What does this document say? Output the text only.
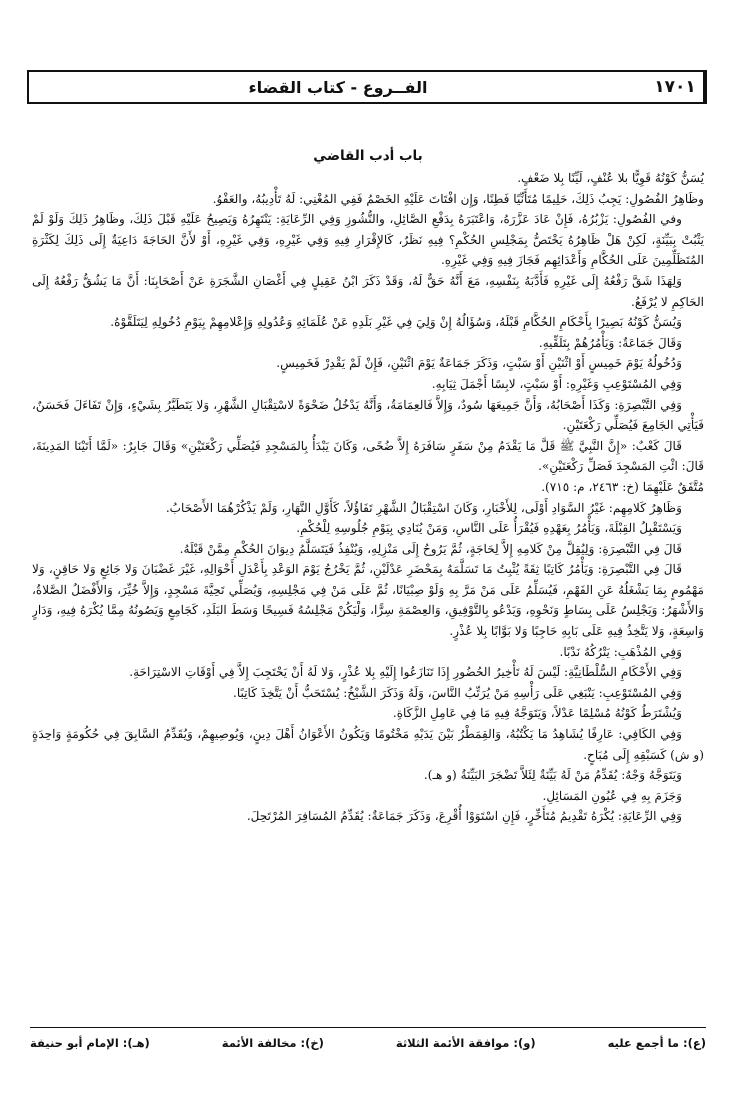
الفــروع - كتاب القضاء	١٧٠١
باب أدب القاضي

يُسَنُّ كَوْنُهُ قَوِيًّا بلا عُنْفٍ، لَيِّنًا بِلا ضَعْفٍ.

وظَاهِرُ الفُصُولِ: يَجِبُ ذَلِكَ، حَلِيمًا مُتَأَنِّيًا فَطِنًا، وَإِن افْتَاتَ عَلَيْهِ الخَصْمُ فَفِي المُغْنِي: لَهُ تَأْدِيبُهُ، والعَفْوُ.

وفي الفُصُولِ: يَزْبُرُهُ، فَإِنْ عَادَ عَزَّرَهُ، وَاعْتَبَرَهُ بِدَفْعِ الصَّائِلِ، والنُّشُوزِ وَفِي الرِّعَايَةِ: يَنْتَهِرُهُ وَيَصِيحُ عَلَيْهِ قَبْلَ ذَلِكَ، وظَاهِرُ ذَلِكَ وَلَوْ لَمْ يَثْبُتْ بِبَيِّنَةٍ، لَكِنْ هَلْ ظَاهِرُهُ يَخْتَصُّ بِمَجْلِسِ الحُكْمِ؟ فِيهِ نَظَرٌ، كَالإِقْرَارِ فِيهِ وَفِي غَيْرِهِ، وَفِي غَيْرِهِ، أَوْ لأَنَّ الحَاجَةَ دَاعِيَةٌ إِلَى ذَلِكَ لِكَثْرَةِ المُتَظَلِّمِينَ عَلَى الحُكَّامِ وَأَعْدَائِهِم فَجَازَ فِيهِ وَفِي غَيْرِهِ.

وَلِهَذَا شَقَّ رَفْعُهُ إِلَى غَيْرِهِ فَأَدَّبَهُ بِنَفْسِهِ، مَعَ أَنَّهُ حَقٌّ لَهُ، وَقَدْ ذَكَرَ ابْنُ عَقِيلٍ فِي أَغْصَانِ الشَّجَرَةِ عَنْ أَصْحَابِنَا: أَنَّ مَا يَشُقُّ رَفْعُهُ إِلَى الحَاكِمِ لا يُرْفَعُ.

وَيُسَنُّ كَوْنُهُ بَصِيرًا بِأَحْكَامِ الحُكَّامِ قَبْلَهُ، وَسُؤَالُهُ إِنْ وَلِيَ فِي غَيْرِ بَلَدِهِ عَنْ عُلَمَائِهِ وَعُدُولِهِ وَإِعْلامِهِمْ بِيَوْمِ دُخُولِهِ لِيَتَلَقَّوْهُ.

وَقَالَ جَمَاعَةٌ: وَيَأْمُرُهُمْ بِتَلَقِّيهِ.

وَدُخُولُهُ يَوْمَ خَمِيسٍ أَوْ اثْنَيْنِ أَوْ سَبْتٍ، وَذَكَرَ جَمَاعَةٌ يَوْمَ اثْنَيْنِ، فَإِنْ لَمْ يَقْدِرْ فَخَمِيسٍ.

وَفِي المُسْتَوْعِبِ وَغَيْرِهِ: أَوْ سَبْتٍ، لابِسًا أَجْمَلَ ثِيَابِهِ.

وَفِي التَّبْصِرَةِ: وَكَذَا أَصْحَابُهُ، وَأَنَّ جَمِيعَهَا سُودٌ، وَإِلاَّ فَالعِمَامَةُ، وَأَنَّهُ يَدْخُلُ ضَحْوَةً لاسْتِقْبَالِ الشَّهْرِ، وَلا يَتَطَيَّرُ بِشَيْءٍ، وَإِنْ تَفَاءَلَ فَحَسَنٌ، فَيَأْتِي الجَامِعَ فَيُصَلِّي رَكْعَتَيْنِ.

قَالَ كَعْبٌ: «إِنَّ النَّبِيَّ ﷺ قَلَّ مَا يَقْدَمُ مِنْ سَفَرٍ سَافَرَهُ إِلاَّ ضُحًى، وَكَانَ يَبْدَأُ بِالمَسْجِدِ فَيُصَلِّي رَكْعَتَيْنِ» وَقَالَ جَابِرٌ: «لَمَّا أَتَيْنَا المَدِينَةَ، قَالَ: ائْتِ المَسْجِدَ فَصَلِّ رَكْعَتَيْنِ».

مُتَّفَقٌ عَلَيْهِمَا (خ: ٢٤٦٣، م: ٧١٥).

وَظَاهِرُ كَلامِهِم: غَيْرُ السَّوَادِ أَوْلَى، لِلأَخْبَارِ، وَكَانَ اسْتِقْبَالُ الشَّهْرِ تَفَاؤُلاً، كَأَوَّلِ النَّهَارِ، وَلَمْ يَذْكُرْهُمَا الأَصْحَابُ.

وَيَسْتَقْبِلُ القِبْلَةَ، وَيَأْمُرُ بِعَهْدِهِ فَيُقْرَأُ عَلَى النَّاسِ، وَمَنْ يُنَادِي بِيَوْمِ جُلُوسِهِ لِلْحُكْمِ.

قَالَ فِي التَّبْصِرَةِ: وَلِيُقِلَّ مِنْ كَلامِهِ إِلاَّ لِحَاجَةٍ، ثُمَّ يَرُوحُ إِلَى مَنْزِلِهِ، وَيُنْفِذُ فَيَتَسَلَّمُ دِيوَانَ الحُكْمِ مِمَّنْ قَبْلَهُ.

قَالَ فِي التَّبْصِرَةِ: وَيَأْمُرُ كَاتِبًا ثِقَةً يُثْبِتُ مَا تَسَلَّمَهُ بِمَحْضَرِ عَدْلَيْنِ، ثُمَّ يَخْرُجُ يَوْمَ الوَعْدِ بِأَعْدَلِ أَحْوَالِهِ، غَيْرَ غَضْبَانَ وَلا جَائِعٍ وَلا حَاقِنٍ، وَلا مَهْمُومٍ بِمَا يَشْغَلُهُ عَنِ الفَهْمِ، فَيُسَلِّمُ عَلَى مَنْ مَرَّ بِهِ وَلَوْ صِبْيَانًا، ثُمَّ عَلَى مَنْ فِي مَجْلِسِهِ، وَيُصَلِّي تَحِيَّةَ مَسْجِدٍ، وَإِلاَّ خُيِّرَ، وَالأَفْضَلُ الصَّلاةُ، وَالأَشْهَرُ: وَيَجْلِسُ عَلَى بِسَاطٍ وَنَحْوِهِ، وَيَدْعُو بِالتَّوْفِيقِ، وَالعِصْمَةِ سِرًّا، وَلْيَكُنْ مَجْلِسُهُ فَسِيحًا وَسَطَ البَلَدِ، كَجَامِعٍ وَيَصُونُهُ مِمَّا يُكْرَهُ فِيهِ، وَدَارٍ وَاسِعَةٍ، وَلا يَتَّخِذُ فِيهِ عَلَى بَابِهِ حَاجِبًا وَلا بَوَّابًا بِلا عُذْرٍ.

وَفِي المُذْهَبِ: يَتْرُكُهُ نَدْبًا.

وَفِي الأَحْكَامِ السُّلْطَانِيَّةِ: لَيْسَ لَهُ تَأْخِيرُ الحُضُورِ إِذَا تَنَازَعُوا إِلَيْهِ بِلا عُذْرٍ، وَلا لَهُ أَنْ يَحْتَجِبَ إِلاَّ فِي أَوْقَاتِ الاسْتِرَاحَةِ.

وَفِي المُسْتَوْعِبِ: يَنْبَغِي عَلَى رَأْسِهِ مَنْ يُرَتِّبُ النَّاسَ، وَلَهُ وَذَكَرَ الشَّيْخُ: يُسْتَحَبُّ أَنْ يَتَّخِذَ كَاتِبًا.

وَيُشْتَرَطُ كَوْنُهُ مُسْلِمًا عَدْلاً، وَيَتَوَجَّهُ فِيهِ مَا فِي عَامِلِ الزَّكَاةِ.

وَفِي الكَافِي: عَارِفًا يُشَاهِدُ مَا يَكْتُبُهُ، وَالقِمَطْرُ بَيْنَ يَدَيْهِ مَخْتُومًا وَيَكُونُ الأَعْوَانُ أَهْلَ دِينٍ، وَيُوصِيهِمْ، وَيُقَدِّمُ السَّابِقَ فِي حُكُومَةٍ وَاحِدَةٍ (و ش) كَسَبْقِهِ إِلَى مُبَاحٍ.

وَيَتَوَجَّهُ وَجْهٌ: يُقَدِّمُ مَنْ لَهُ بَيِّنَةٌ لِئَلاَّ تَضْجَرَ البَيِّنَةُ (و هـ).

وَجَزَمَ بِهِ فِي عُيُونِ المَسَائِلِ.

وَفِي الرِّعَايَةِ: يُكْرَهُ تَقْدِيمُ مُتَأَخِّرٍ، فَإِنِ اسْتَوَوْا أُقْرِعَ، وَذَكَرَ جَمَاعَةٌ: يُقَدِّمُ المُسَافِرَ المُرْتَحِلَ.

(ع): ما أجمع عليه
(و): موافقة الأئمة الثلاثة
(خ): مخالفة الأئمة
(هـ): الإمام أبو حنيفة
